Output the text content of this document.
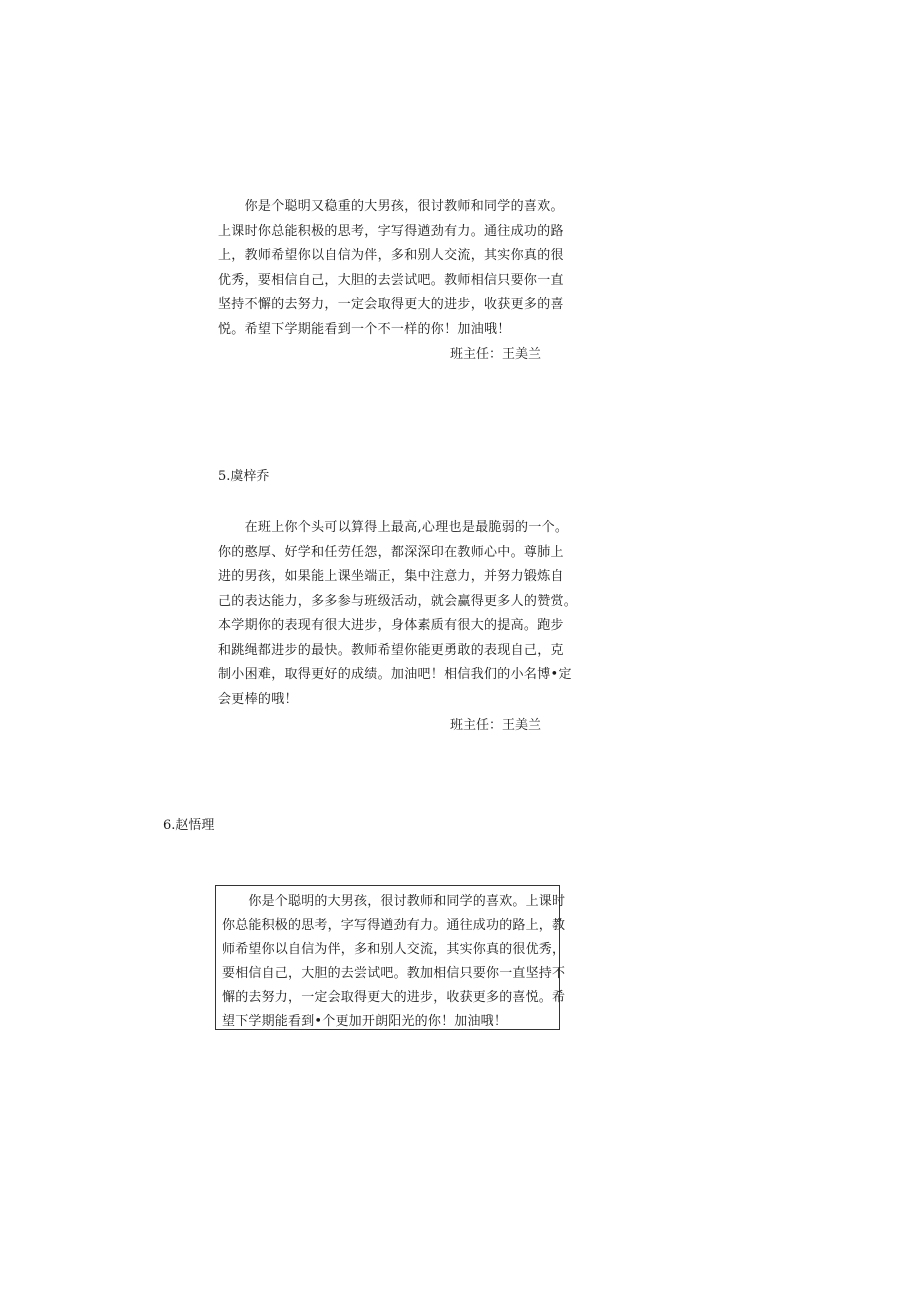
　　你是个聪明又稳重的大男孩，很讨教师和同学的喜欢。
上课时你总能积极的思考，字写得遒劲有力。通往成功的路
上，教师希望你以自信为伴，多和别人交流，其实你真的很
优秀，要相信自己，大胆的去尝试吧。教师相信只要你一直
坚持不懈的去努力，一定会取得更大的进步，收获更多的喜
悦。希望下学期能看到一个不一样的你！加油哦！
班主任：王美兰
5.虞梓乔
　　在班上你个头可以算得上最高,心理也是最脆弱的一个。
你的憨厚、好学和任劳任怨，都深深印在教师心中。尊肺上
进的男孩，如果能上课坐端正，集中注意力，并努力锻炼自
己的表达能力，多多参与班级活动，就会赢得更多人的赞赏。
本学期你的表现有很大进步，身体素质有很大的提高。跑步
和跳绳都进步的最快。教师希望你能更勇敢的表现自己，克
制小困难，取得更好的成绩。加油吧！相信我们的小名博•定
会更棒的哦！
班主任：王美兰
6.赵悟理
　　你是个聪明的大男孩，很讨教师和同学的喜欢。上课时
你总能积极的思考，字写得遒劲有力。通往成功的路上，教
师希望你以自信为伴，多和别人交流，其实你真的很优秀，
要相信自己，大胆的去尝试吧。教加相信只要你一直坚持不
懈的去努力，一定会取得更大的进步，收获更多的喜悦。希
望下学期能看到•个更加开朗阳光的你！加油哦！
